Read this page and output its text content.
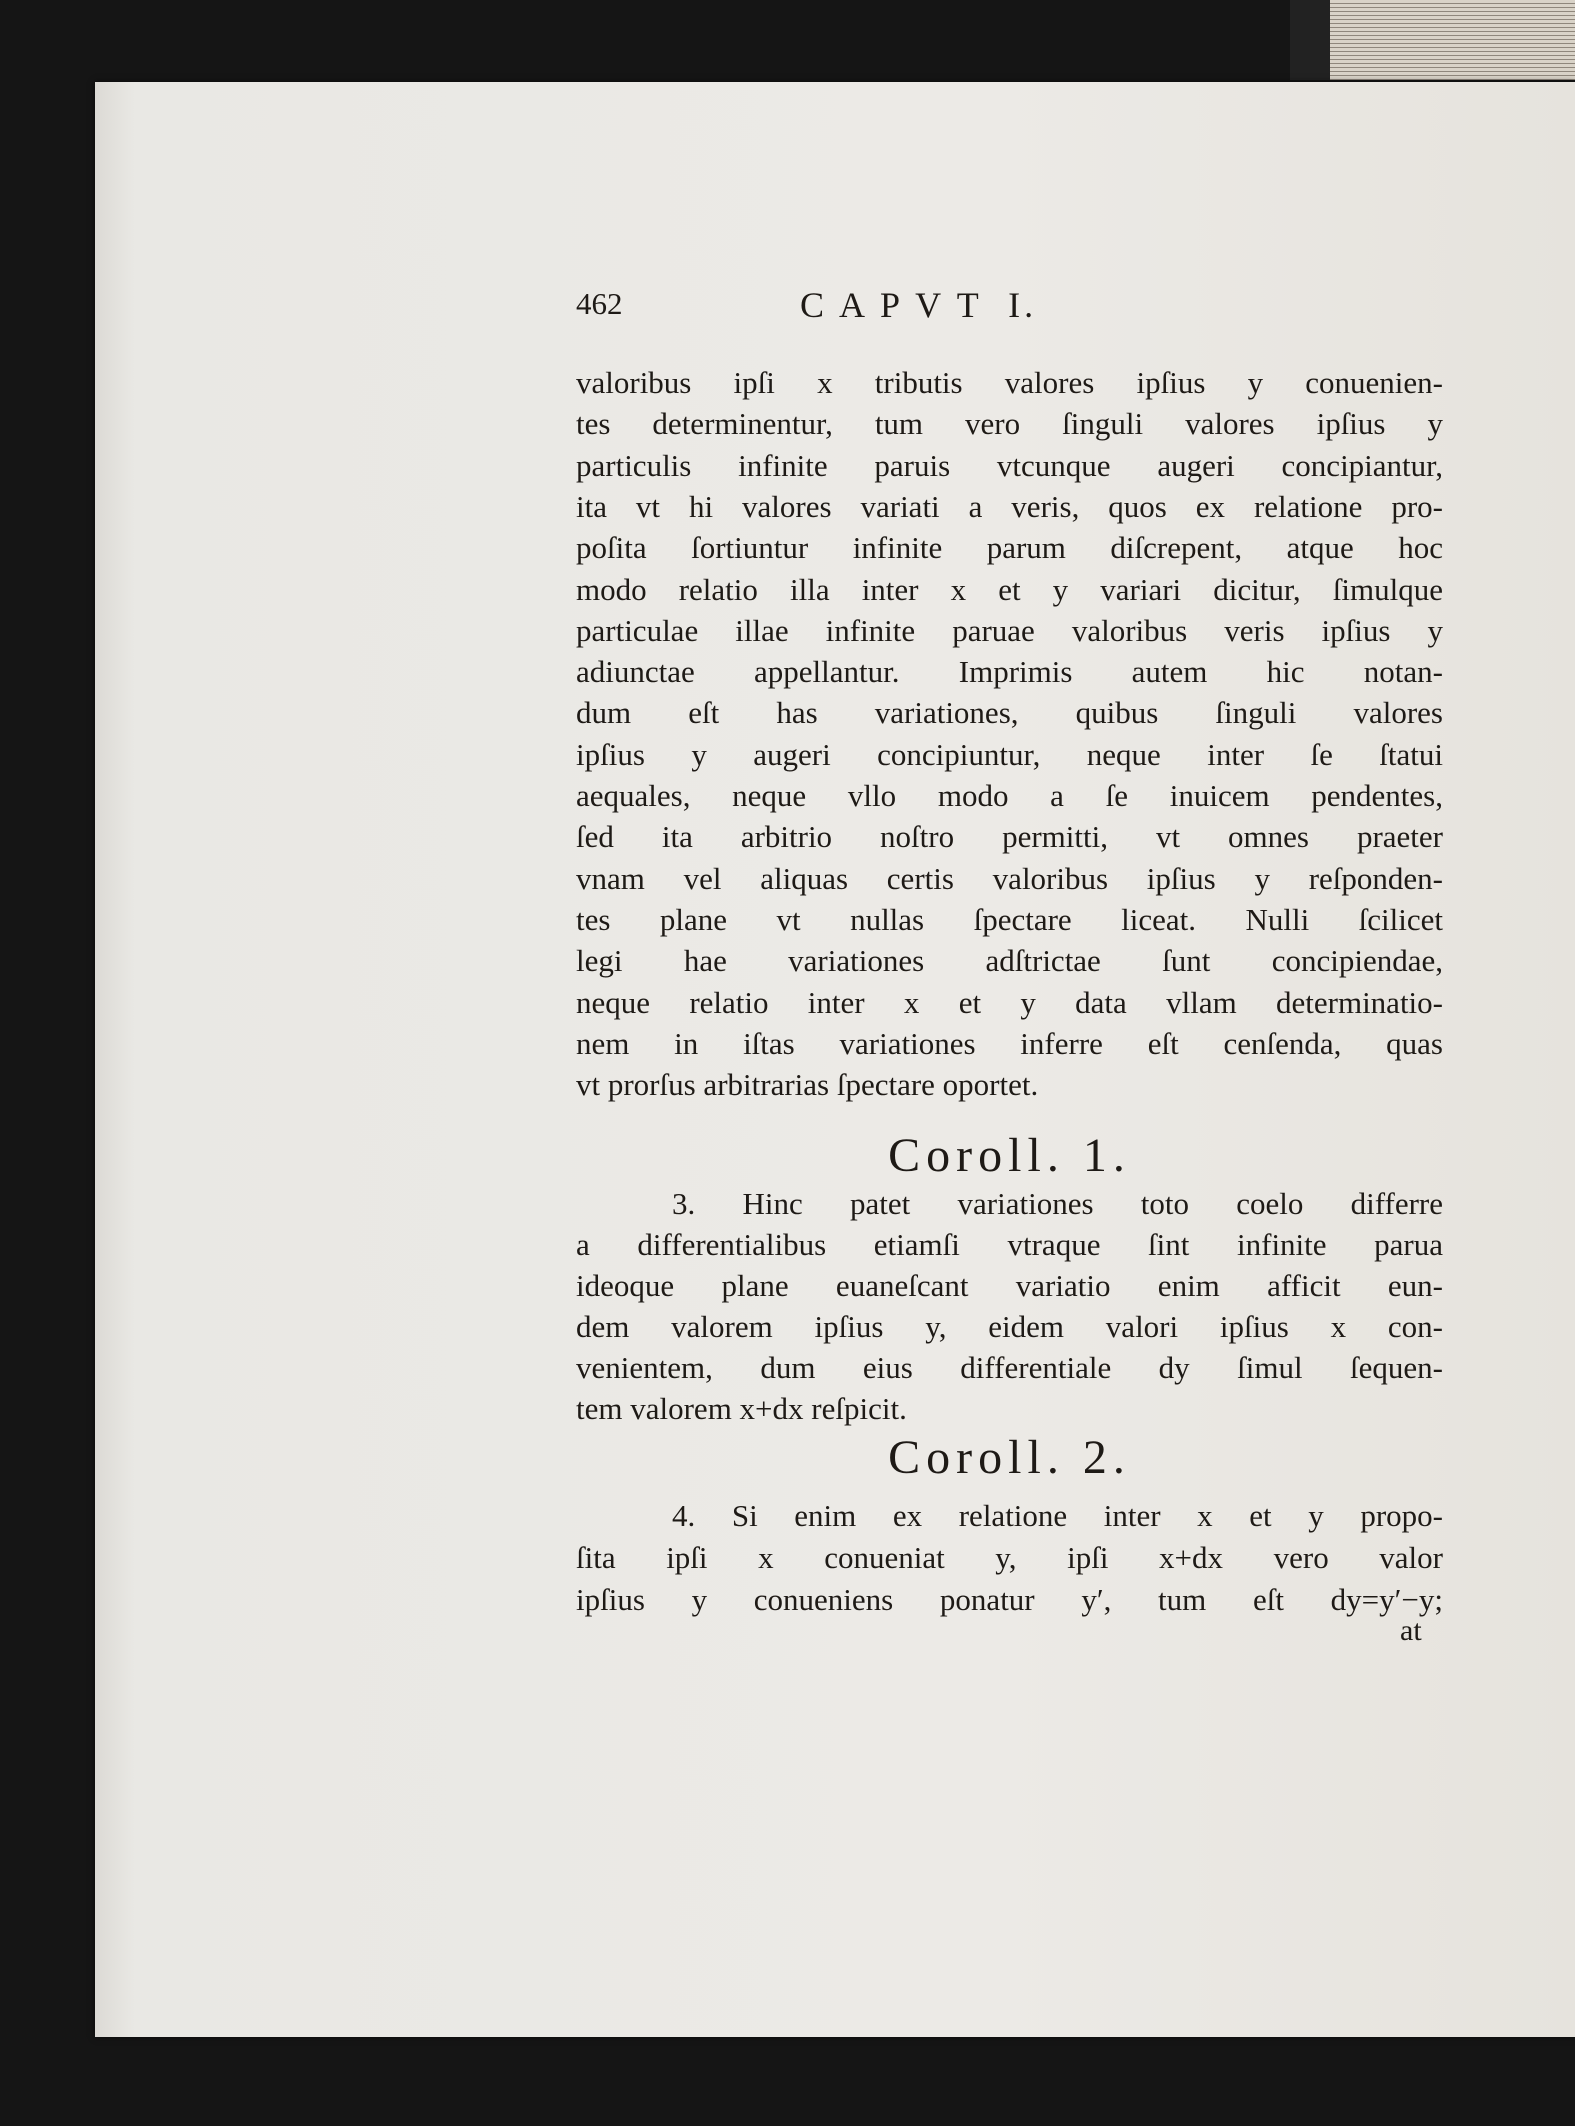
462	C A P V T  I.
valoribus ipſi x tributis valores ipſius y conuenien-
tes determinentur, tum vero ſinguli valores ipſius y
particulis infinite paruis vtcunque augeri concipiantur,
ita vt hi valores variati a veris, quos ex relatione pro-
poſita ſortiuntur infinite parum diſcrepent, atque hoc
modo relatio illa inter x et y variari dicitur, ſimulque
particulae illae infinite paruae valoribus veris ipſius y
adiunctae appellantur. Imprimis autem hic notan-
dum eſt has variationes, quibus ſinguli valores
ipſius y augeri concipiuntur, neque inter ſe ſtatui
aequales, neque vllo modo a ſe inuicem pendentes,
ſed ita arbitrio noſtro permitti, vt omnes praeter
vnam vel aliquas certis valoribus ipſius y reſponden-
tes plane vt nullas ſpectare liceat. Nulli ſcilicet
legi hae variationes adſtrictae ſunt concipiendae,
neque relatio inter x et y data vllam determinatio-
nem in iſtas variationes inferre eſt cenſenda, quas
vt prorſus arbitrarias ſpectare oportet.
Coroll. 1.
3. Hinc patet variationes toto coelo differre
a differentialibus etiamſi vtraque ſint infinite parua
ideoque plane euaneſcant variatio enim afficit eun-
dem valorem ipſius y, eidem valori ipſius x con-
venientem, dum eius differentiale dy ſimul ſequen-
tem valorem x+dx reſpicit.
Coroll. 2.
4. Si enim ex relatione inter x et y propo-
ſita ipſi x conueniat y, ipſi x+dx vero valor
ipſius y conueniens ponatur y′, tum eſt dy=y′−y;
at
